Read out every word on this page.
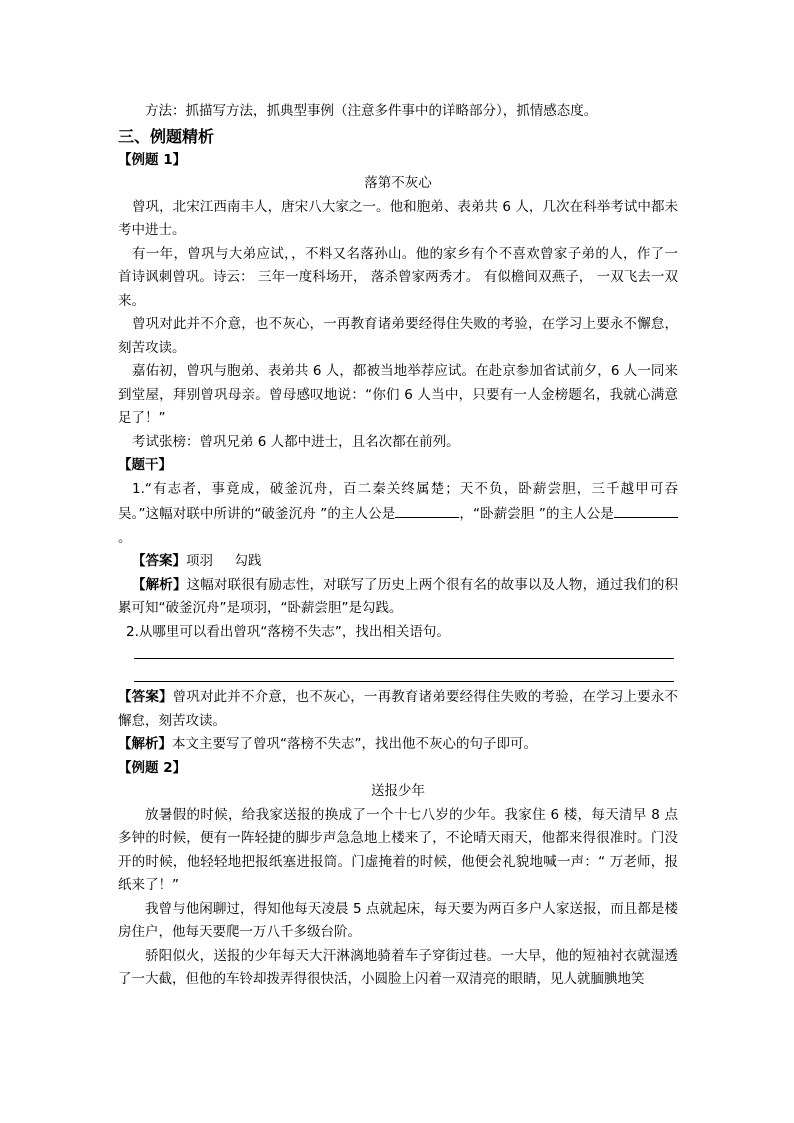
方法：抓描写方法，抓典型事例（注意多件事中的详略部分），抓情感态度。

三、例题精析

【例题 1】

落第不灰心

曾巩，北宋江西南丰人，唐宋八大家之一。他和胞弟、表弟共 6 人，几次在科举考试中都未考中进士。

有一年，曾巩与大弟应试，，不料又名落孙山。他的家乡有个不喜欢曾家子弟的人，作了一首诗讽刺曾巩。诗云： 三年一度科场开， 落杀曾家两秀才。 有似檐间双燕子， 一双飞去一双来。

曾巩对此并不介意，也不灰心，一再教育诸弟要经得住失败的考验，在学习上要永不懈怠，刻苦攻读。

嘉佑初，曾巩与胞弟、表弟共 6 人，都被当地举荐应试。在赴京参加省试前夕，6 人一同来到堂屋，拜别曾巩母亲。曾母感叹地说：“你们 6 人当中，只要有一人金榜题名，我就心满意足了！”

考试张榜：曾巩兄弟 6 人都中进士，且名次都在前列。

【题干】

1.“有志者，事竟成，破釜沉舟，百二秦关终属楚；天不负，卧薪尝胆，三千越甲可吞吴。”这幅对联中所讲的“破釜沉舟 ”的主人公是	，“卧薪尝胆 ”的主人公是。

【答案】项羽     勾践

【解析】这幅对联很有励志性，对联写了历史上两个很有名的故事以及人物，通过我们的积累可知“破釜沉舟”是项羽，“卧薪尝胆”是勾践。

2.从哪里可以看出曾巩“落榜不失志”，找出相关语句。

【答案】曾巩对此并不介意，也不灰心，一再教育诸弟要经得住失败的考验，在学习上要永不懈怠，刻苦攻读。

【解析】本文主要写了曾巩“落榜不失志”，找出他不灰心的句子即可。

【例题 2】

送报少年

放暑假的时候，给我家送报的换成了一个十七八岁的少年。我家住 6 楼，每天清早 8 点多钟的时候，便有一阵轻捷的脚步声急急地上楼来了，不论晴天雨天，他都来得很准时。门没开的时候，他轻轻地把报纸塞进报筒。门虚掩着的时候，他便会礼貌地喊一声：“ 万老师，报纸来了！”

我曾与他闲聊过，得知他每天凌晨 5 点就起床，每天要为两百多户人家送报，而且都是楼房住户，他每天要爬一万八千多级台阶。

骄阳似火，送报的少年每天大汗淋漓地骑着车子穿街过巷。一大早，他的短袖衬衣就湿透了一大截，但他的车铃却拨弄得很快活，小圆脸上闪着一双清亮的眼睛，见人就腼腆地笑
